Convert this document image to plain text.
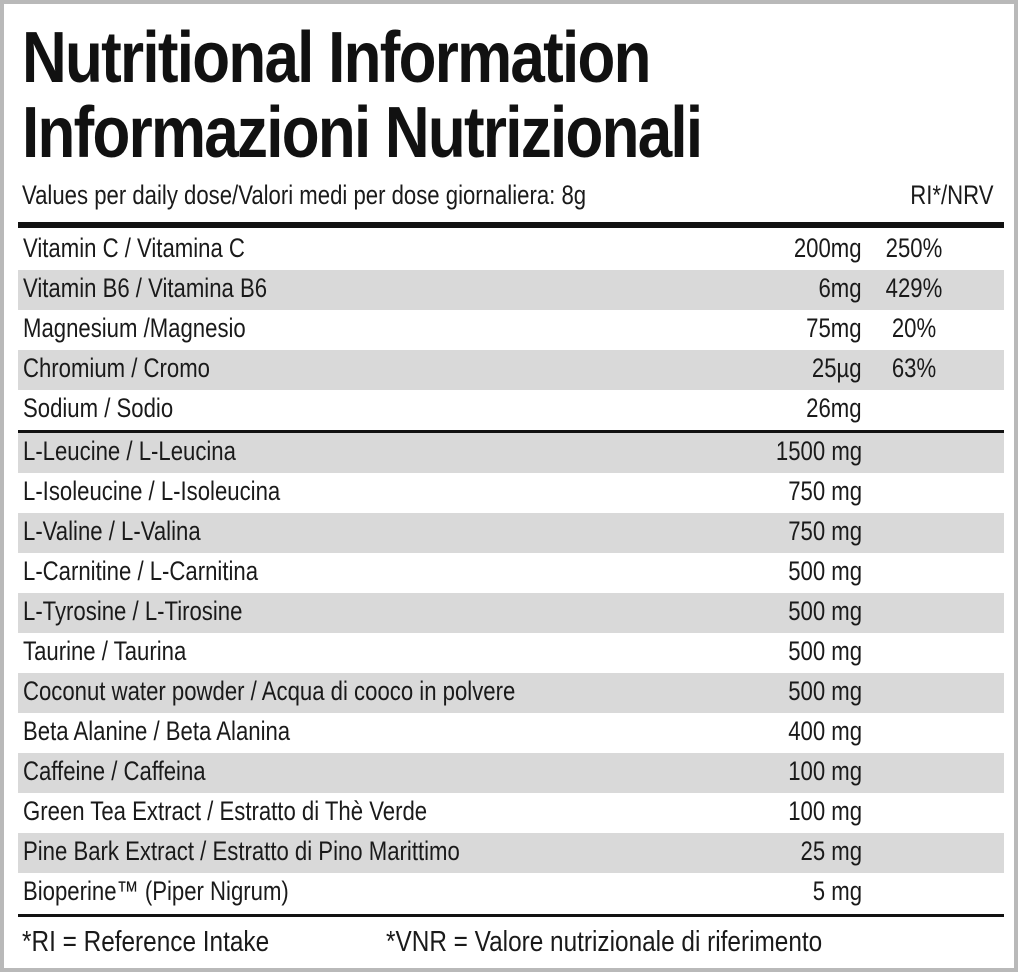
Nutritional Information
Informazioni Nutrizionali
Values per daily dose/Valori medi per dose giornaliera: 8g	RI*/NRV
Vitamin C / Vitamina C	200mg 250%
Vitamin B6 / Vitamina B6	6mg 429%
Magnesium /Magnesio	75mg 20%
Chromium / Cromo	25µg 63%
Sodium / Sodio	26mg
L-Leucine / L-Leucina	1500 mg
L-Isoleucine / L-Isoleucina	750 mg
L-Valine / L-Valina	750 mg
L-Carnitine / L-Carnitina	500 mg
L-Tyrosine / L-Tirosine	500 mg
Taurine / Taurina	500 mg
Coconut water powder / Acqua di cooco in polvere	500 mg
Beta Alanine / Beta Alanina	400 mg
Caffeine / Caffeina	100 mg
Green Tea Extract / Estratto di Thè Verde	100 mg
Pine Bark Extract / Estratto di Pino Marittimo	25 mg
Bioperine™ (Piper Nigrum)	5 mg
*RI = Reference Intake	*VNR = Valore nutrizionale di riferimento
